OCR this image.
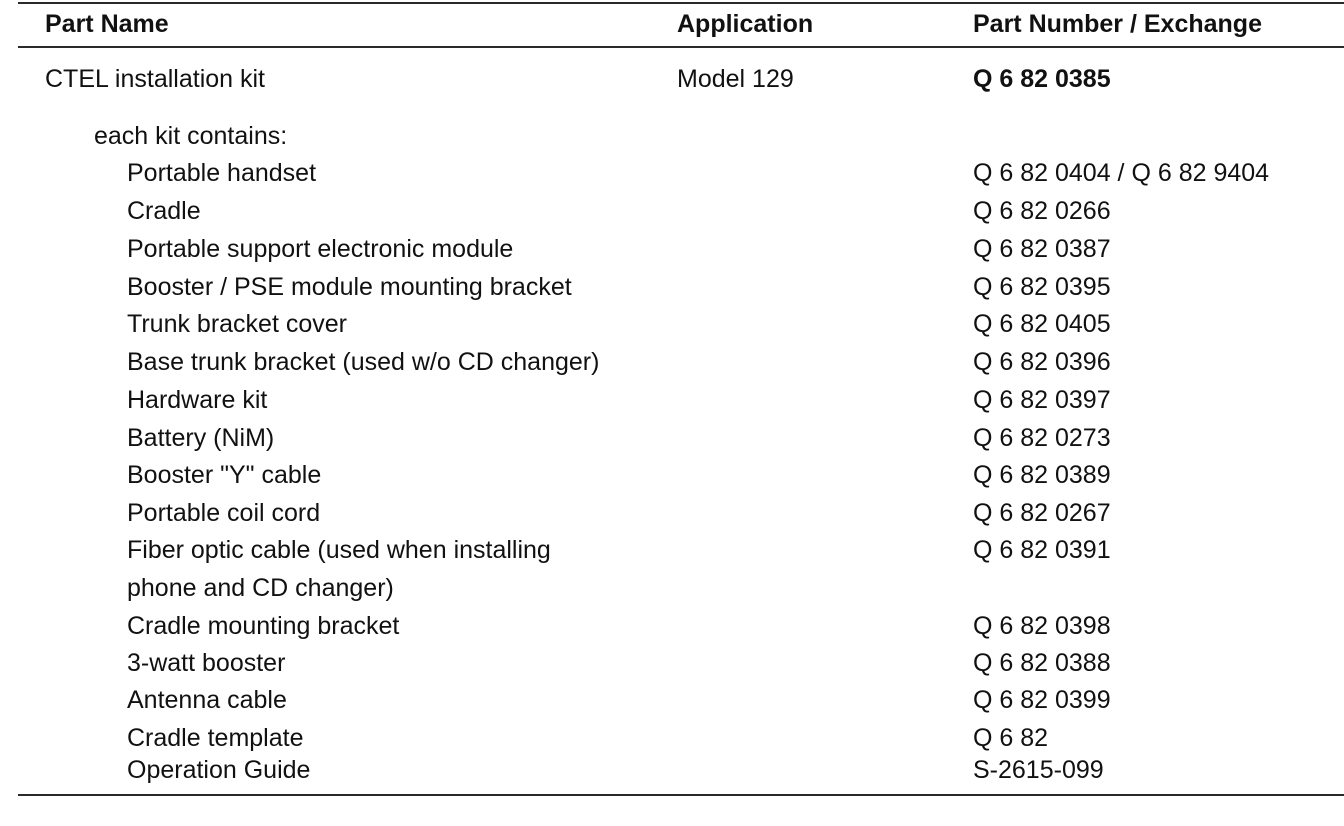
Part Name	Application	Part Number / Exchange
CTEL installation kit	Model 129	Q 6 82 0385
each kit contains:
Portable handset	Q 6 82 0404 / Q 6 82 9404
Cradle	Q 6 82 0266
Portable support electronic module	Q 6 82 0387
Booster / PSE module mounting bracket	Q 6 82 0395
Trunk bracket cover	Q 6 82 0405
Base trunk bracket (used w/o CD changer)	Q 6 82 0396
Hardware kit	Q 6 82 0397
Battery (NiM)	Q 6 82 0273
Booster "Y" cable	Q 6 82 0389
Portable coil cord	Q 6 82 0267
Fiber optic cable (used when installing	Q 6 82 0391
phone and CD changer)
Cradle mounting bracket	Q 6 82 0398
3-watt booster	Q 6 82 0388
Antenna cable	Q 6 82 0399
Cradle template	Q 6 82
Operation Guide	S-2615-099
